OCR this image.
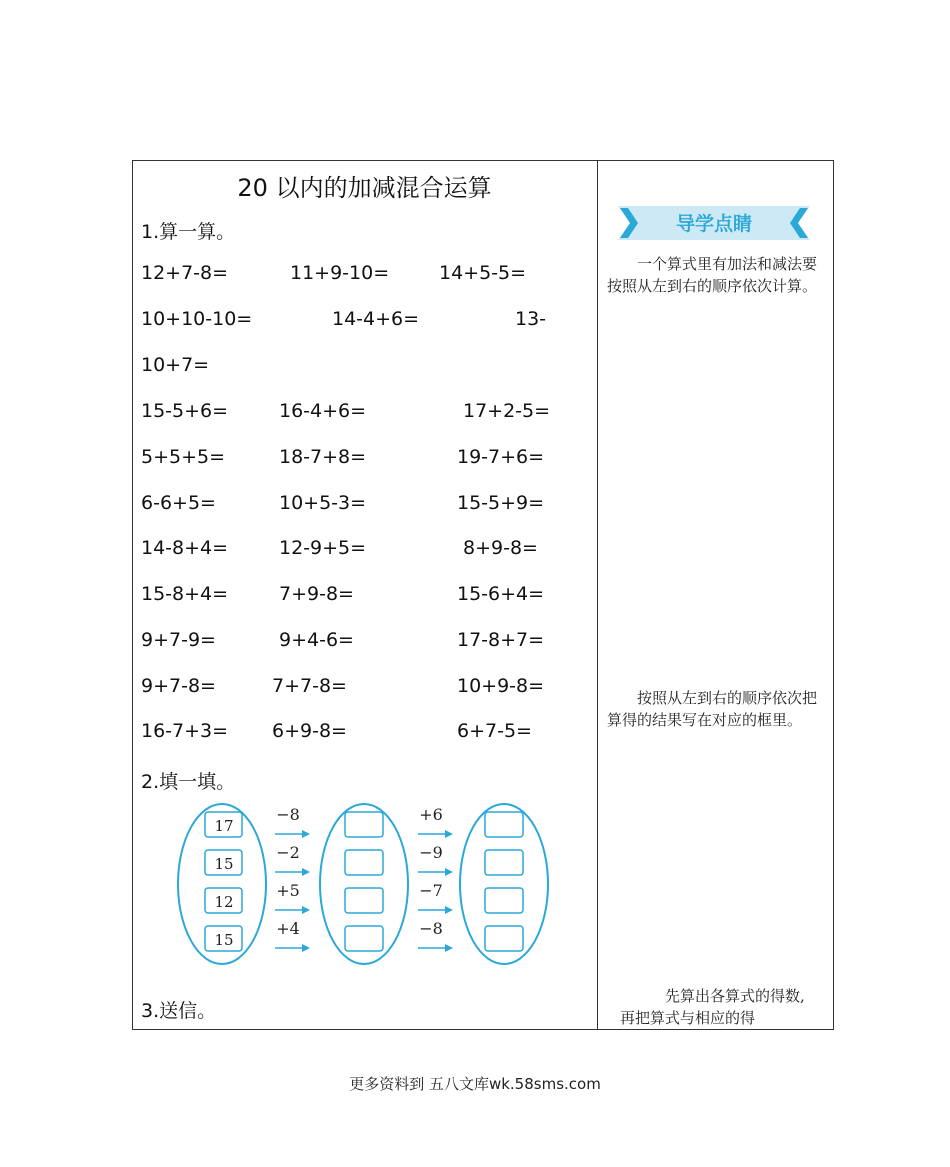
20 以内的加减混合运算
1.算一算。
12+7-8=	11+9-10=	14+5-5=
10+10-10=	14-4+6=	13-
10+7=
15-5+6=	16-4+6=	17+2-5=
5+5+5=	18-7+8=	19-7+6=
6-6+5=	10+5-3=	15-5+9=
14-8+4=	12-9+5=	8+9-8=
15-8+4=	7+9-8=	15-6+4=
9+7-9=	9+4-6=	17-8+7=
9+7-8=	7+7-8=	10+9-8=
16-7+3= 6+9-8=	6+7-5=
2.填一填。
17
−8	+6
15
−2	−9
12
+5	−7
15
+4	−8
3.送信。
导学点睛
一个算式里有加法和减法要按照从左到右的顺序依次计算。
按照从左到右的顺序依次把算得的结果写在对应的框里。
先算出各算式的得数,再把算式与相应的得
更多资料到 五八文库wk.58sms.com
